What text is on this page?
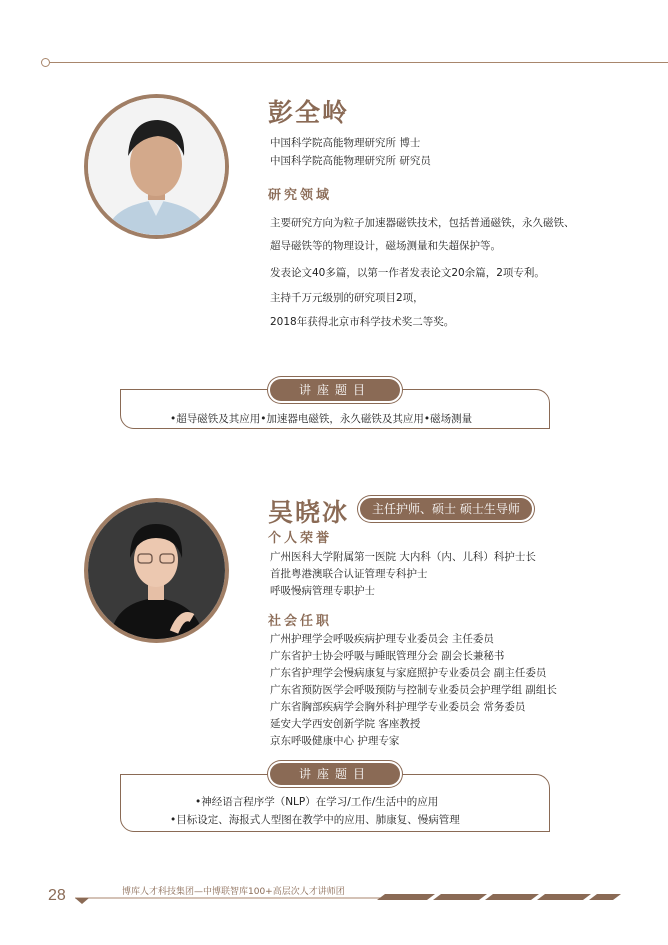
彭全岭
中国科学院高能物理研究所 博士
中国科学院高能物理研究所 研究员
研究领域
主要研究方向为粒子加速器磁铁技术，包括普通磁铁，永久磁铁、
超导磁铁等的物理设计，磁场测量和失超保护等。
发表论文40多篇，以第一作者发表论文20余篇，2项专利。
主持千万元级别的研究项目2项，
2018年获得北京市科学技术奖二等奖。
讲座题目
•超导磁铁及其应用•加速器电磁铁，永久磁铁及其应用•磁场测量
吴晓冰	主任护师、硕士 硕士生导师
个人荣誉
广州医科大学附属第一医院 大内科（内、儿科）科护士长
首批粤港澳联合认证管理专科护士
呼吸慢病管理专职护士
社会任职
广州护理学会呼吸疾病护理专业委员会 主任委员
广东省护士协会呼吸与睡眠管理分会 副会长兼秘书
广东省护理学会慢病康复与家庭照护专业委员会 副主任委员
广东省预防医学会呼吸预防与控制专业委员会护理学组 副组长
广东省胸部疾病学会胸外科护理学专业委员会 常务委员
延安大学西安创新学院 客座教授
京东呼吸健康中心 护理专家
讲座题目
•神经语言程序学（NLP）在学习/工作/生活中的应用
•目标设定、海报式人型图在教学中的应用、肺康复、慢病管理
28	博库人才科技集团—中博联智库100+高层次人才讲师团
